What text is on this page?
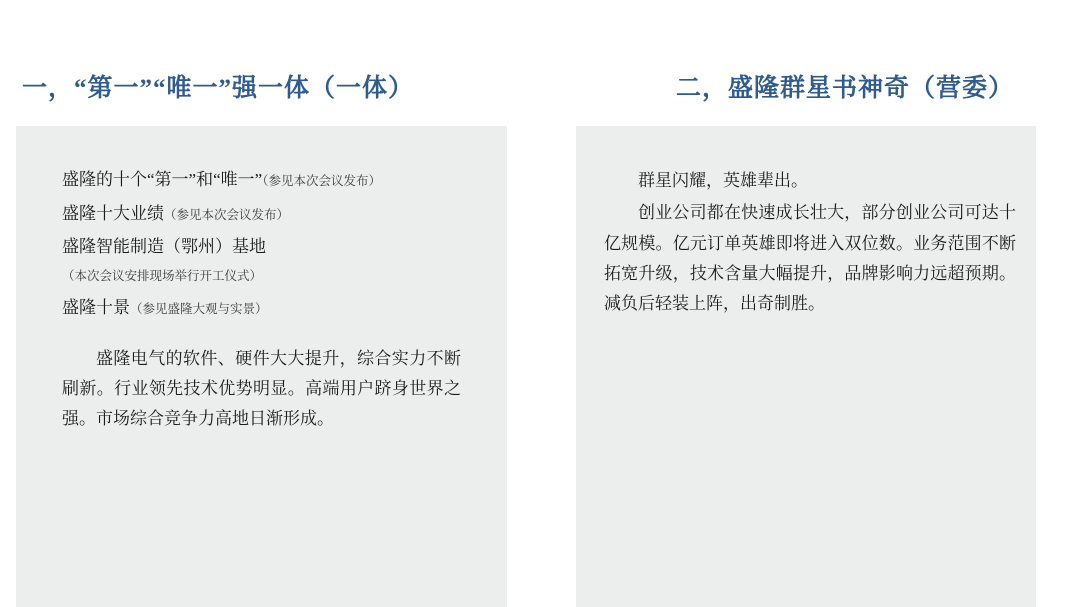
一，“第一”“唯一”强一体（一体）

盛隆的十个“第一”和“唯一”（参见本次会议发布）

盛隆十大业绩（参见本次会议发布）

盛隆智能制造（鄂州）基地（本次会议安排现场举行开工仪式）

盛隆十景（参见盛隆大观与实景）

盛隆电气的软件、硬件大大提升，综合实力不断刷新。行业领先技术优势明显。高端用户跻身世界之强。市场综合竞争力高地日渐形成。

二，盛隆群星书神奇（营委）

群星闪耀，英雄辈出。

创业公司都在快速成长壮大，部分创业公司可达十亿规模。亿元订单英雄即将进入双位数。业务范围不断拓宽升级，技术含量大幅提升，品牌影响力远超预期。减负后轻装上阵，出奇制胜。
